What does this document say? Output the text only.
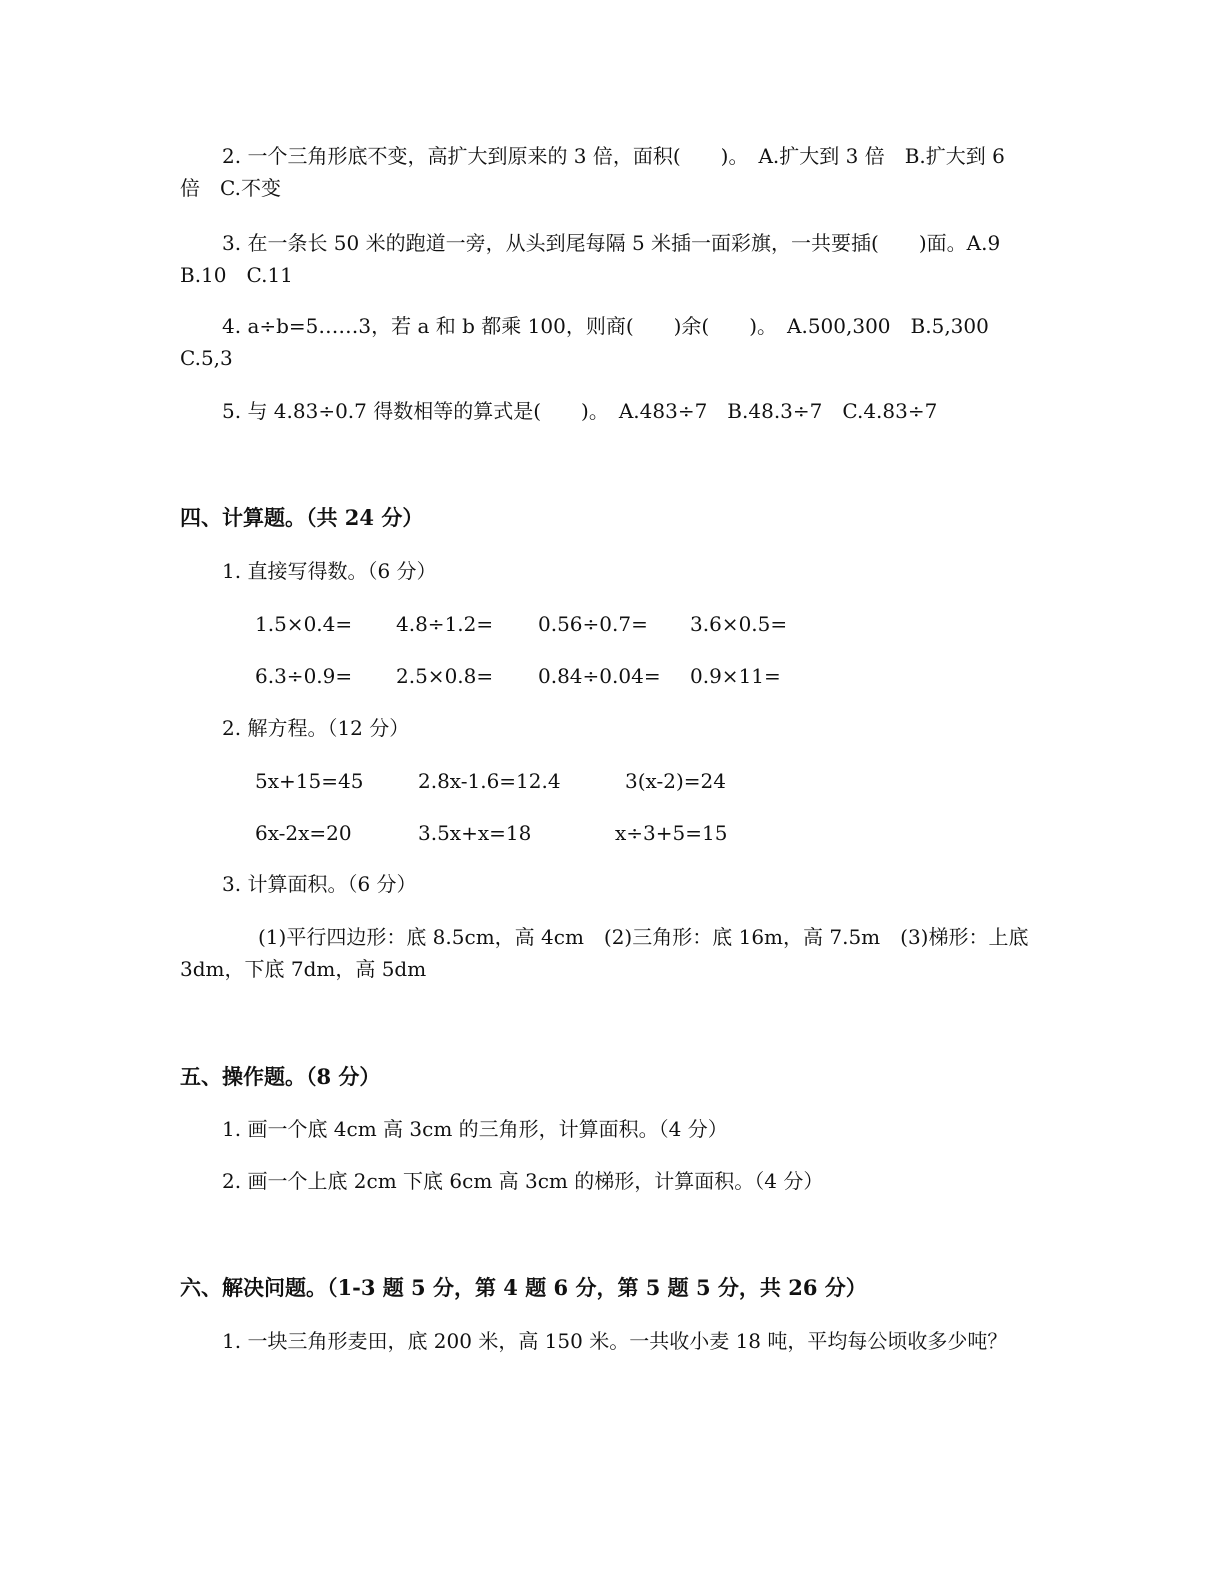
2. 一个三角形底不变，高扩大到原来的 3 倍，面积(　　)。　A.扩大到 3 倍　B.扩大到 6 倍　C.不变
3. 在一条长 50 米的跑道一旁，从头到尾每隔 5 米插一面彩旗，一共要插(　　)面。A.9　B.10　C.11
4. a÷b=5……3，若 a 和 b 都乘 100，则商(　　)余(　　)。　A.500,300　B.5,300　C.5,3
5. 与 4.83÷0.7 得数相等的算式是(　　)。　A.483÷7　B.48.3÷7　C.4.83÷7
四、计算题。（共 24 分）
1. 直接写得数。（6 分）
1.5×0.4= 4.8÷1.2= 0.56÷0.7= 3.6×0.5=
6.3÷0.9= 2.5×0.8= 0.84÷0.04= 0.9×11=
2. 解方程。（12 分）
5x+15=45	2.8x-1.6=12.4	3(x-2)=24
6x-2x=20	3.5x+x=18	x÷3+5=15
3. 计算面积。（6 分）
(1)平行四边形：底 8.5cm，高 4cm　(2)三角形：底 16m，高 7.5m　(3)梯形：上底 3dm，下底 7dm，高 5dm
五、操作题。（8 分）
1. 画一个底 4cm 高 3cm 的三角形，计算面积。（4 分）
2. 画一个上底 2cm 下底 6cm 高 3cm 的梯形，计算面积。（4 分）
六、解决问题。（1-3 题 5 分，第 4 题 6 分，第 5 题 5 分，共 26 分）
1. 一块三角形麦田，底 200 米，高 150 米。一共收小麦 18 吨，平均每公顷收多少吨？
